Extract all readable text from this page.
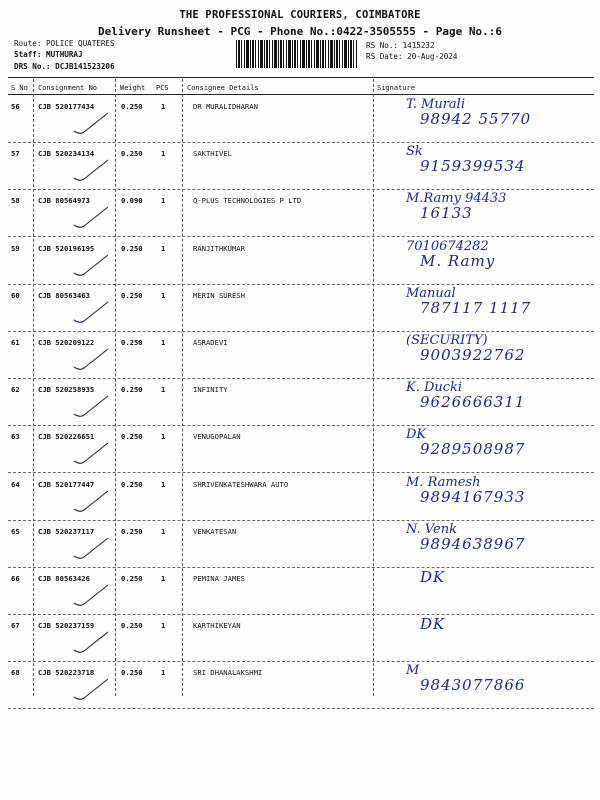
THE PROFESSIONAL COURIERS, COIMBATORE
Delivery Runsheet - PCG - Phone No.:0422-3505555 - Page No.:6
Route: POLICE QUATERES
Staff: MUTHURAJ
DRS No.: DCJB141523206
RS No.: 1415232
RS Date: 20-Aug-2024
S No Consignment No	Weight PCS	Consignee Details	Signature
56	CJB 520177434	0.250	1	DR MURALIDHARAN	T. Murali
98942 55770
57	CJB 520234134	0.250	1	SAKTHIVEL	Sk
9159399534
58	CJB 80564973	0.090	1	Q-PLUS TECHNOLOGIES P LTD	M.Ramy 94433
16133
59	CJB 520196195	0.250	1	RANJITHKUMAR	7010674282
M. Ramy
60	CJB 80563463	0.250	1	MERIN SURESH	Manual
787117 1117
61	CJB 520209122	0.250	1	ASRADEVI	(SECURITY)
9003922762
62	CJB 520258935	0.250	1	INFINITY	K. Ducki
9626666311
63	CJB 520226651	0.250	1	VENUGOPALAN	DK
9289508987
64	CJB 520177447	0.250	1	SHRIVENKATESHWARA AUTO	M. Ramesh
9894167933
65	CJB 520237117	0.250	1	VENKATESAN	N. Venk
9894638967
66	CJB 80563426	0.250	1	PEMINA JAMES	DK
67	CJB 520237159	0.250	1	KARTHIKEYAN	DK
68	CJB 520223718	0.250	1	SRI DHANALAKSHMI	M
9843077866
